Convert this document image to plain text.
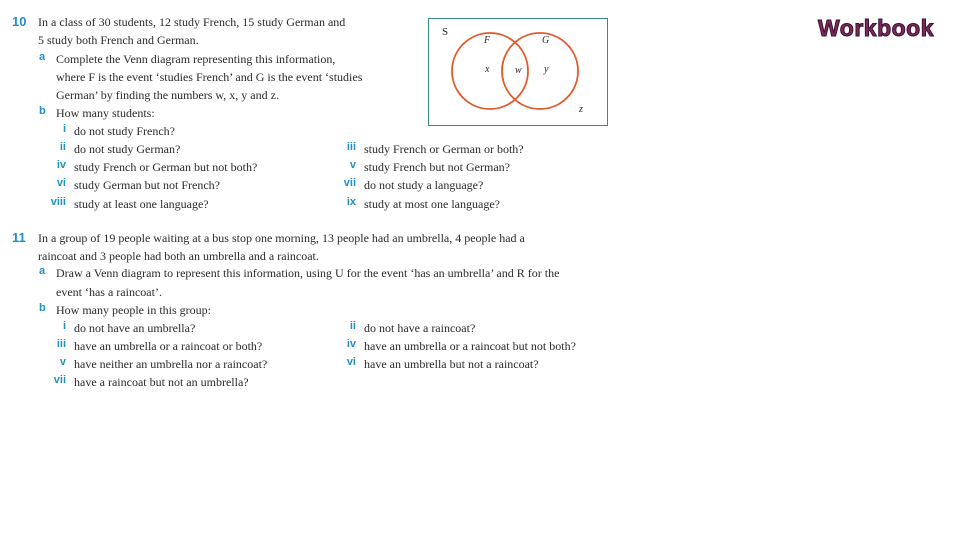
Workbook
10 In a class of 30 students, 12 study French, 15 study German and
5 study both French and German.
a Complete the Venn diagram representing this information,
where F is the event ‘studies French’ and G is the event ‘studies
German’ by finding the numbers w, x, y and z.
b How many students:
i do not study French?
ii do not study German?
iv study French or German but not both?
vi study German but not French?
viii study at least one language?
iii study French or German or both?
v study French but not German?
vii do not study a language?
ix study at most one language?
S
F	G
x	w y
z
11 In a group of 19 people waiting at a bus stop one morning, 13 people had an umbrella, 4 people had a
raincoat and 3 people had both an umbrella and a raincoat.
a Draw a Venn diagram to represent this information, using U for the event ‘has an umbrella’ and R for the
event ‘has a raincoat’.
b How many people in this group:
i do not have an umbrella?
iii have an umbrella or a raincoat or both?
v have neither an umbrella nor a raincoat?
vii have a raincoat but not an umbrella?
ii do not have a raincoat?
iv have an umbrella or a raincoat but not both?
vi have an umbrella but not a raincoat?
